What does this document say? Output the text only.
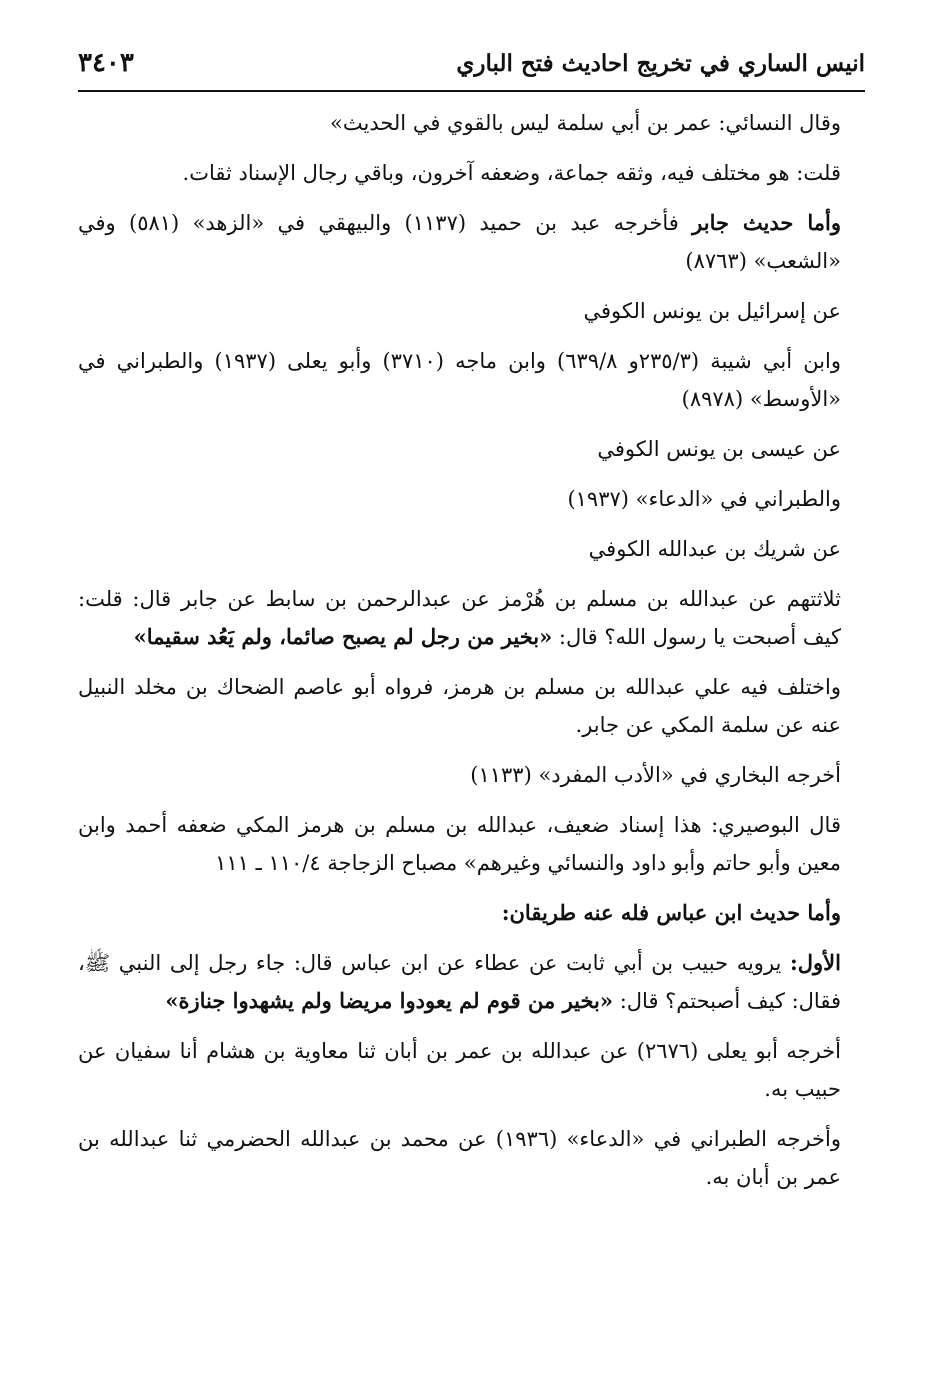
انيس الساري في تخريج احاديث فتح الباري
٣٤٠٣

وقال النسائي: عمر بن أبي سلمة ليس بالقوي في الحديث»

قلت: هو مختلف فيه، وثقه جماعة، وضعفه آخرون، وباقي رجال الإسناد ثقات.

وأما حديث جابر فأخرجه عبد بن حميد (١١٣٧) والبيهقي في «الزهد» (٥٨١) وفي «الشعب» (٨٧٦٣)

عن إسرائيل بن يونس الكوفي

وابن أبي شيبة (٢٣٥/٣و ٦٣٩/٨) وابن ماجه (٣٧١٠) وأبو يعلى (١٩٣٧) والطبراني في «الأوسط» (٨٩٧٨)

عن عيسى بن يونس الكوفي

والطبراني في «الدعاء» (١٩٣٧)

عن شريك بن عبدالله الكوفي

ثلاثتهم عن عبدالله بن مسلم بن هُرْمز عن عبدالرحمن بن سابط عن جابر قال: قلت: كيف أصبحت يا رسول الله؟ قال: «بخير من رجل لم يصبح صائما، ولم يَعُد سقيما»

واختلف فيه علي عبدالله بن مسلم بن هرمز، فرواه أبو عاصم الضحاك بن مخلد النبيل عنه عن سلمة المكي عن جابر.

أخرجه البخاري في «الأدب المفرد» (١١٣٣)

قال البوصيري: هذا إسناد ضعيف، عبدالله بن مسلم بن هرمز المكي ضعفه أحمد وابن معين وأبو حاتم وأبو داود والنسائي وغيرهم» مصباح الزجاجة ١١٠/٤ ـ ١١١

وأما حديث ابن عباس فله عنه طريقان:

الأول: يرويه حبيب بن أبي ثابت عن عطاء عن ابن عباس قال: جاء رجل إلى النبي ﷺ، فقال: كيف أصبحتم؟ قال: «بخير من قوم لم يعودوا مريضا ولم يشهدوا جنازة»

أخرجه أبو يعلى (٢٦٧٦) عن عبدالله بن عمر بن أبان ثنا معاوية بن هشام أنا سفيان عن حبيب به.

وأخرجه الطبراني في «الدعاء» (١٩٣٦) عن محمد بن عبدالله الحضرمي ثنا عبدالله بن عمر بن أبان به.
